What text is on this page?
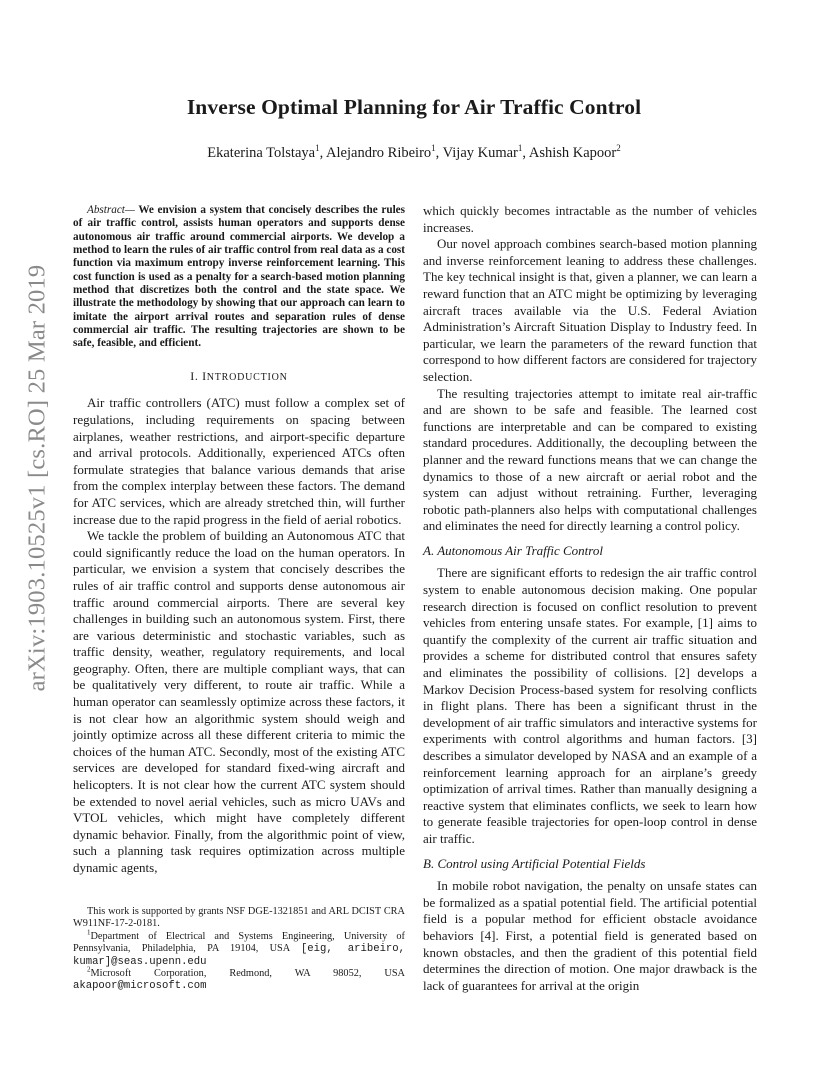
arXiv:1903.10525v1 [cs.RO] 25 Mar 2019
Inverse Optimal Planning for Air Traffic Control
Ekaterina Tolstaya$^1$, Alejandro Ribeiro$^1$, Vijay Kumar$^1$, Ashish Kapoor$^2$

Abstract— We envision a system that concisely describes the rules of air traffic control, assists human operators and supports dense autonomous air traffic around commercial airports. We develop a method to learn the rules of air traffic control from real data as a cost function via maximum entropy inverse reinforcement learning. This cost function is used as a penalty for a search-based motion planning method that discretizes both the control and the state space. We illustrate the methodology by showing that our approach can learn to imitate the airport arrival routes and separation rules of dense commercial air traffic. The resulting trajectories are shown to be safe, feasible, and efficient.

I. INTRODUCTION

Air traffic controllers (ATC) must follow a complex set of regulations, including requirements on spacing between airplanes, weather restrictions, and airport-specific departure and arrival protocols. Additionally, experienced ATCs often formulate strategies that balance various demands that arise from the complex interplay between these factors. The demand for ATC services, which are already stretched thin, will further increase due to the rapid progress in the field of aerial robotics.

We tackle the problem of building an Autonomous ATC that could significantly reduce the load on the human operators. In particular, we envision a system that concisely describes the rules of air traffic control and supports dense autonomous air traffic around commercial airports. There are several key challenges in building such an autonomous system. First, there are various deterministic and stochastic variables, such as traffic density, weather, regulatory requirements, and local geography. Often, there are multiple compliant ways, that can be qualitatively very different, to route air traffic. While a human operator can seamlessly optimize across these factors, it is not clear how an algorithmic system should weigh and jointly optimize across all these different criteria to mimic the choices of the human ATC. Secondly, most of the existing ATC services are developed for standard fixed-wing aircraft and helicopters. It is not clear how the current ATC system should be extended to novel aerial vehicles, such as micro UAVs and VTOL vehicles, which might have completely different dynamic behavior. Finally, from the algorithmic point of view, such a planning task requires optimization across multiple dynamic agents,

This work is supported by grants NSF DGE-1321851 and ARL DCIST CRA W911NF-17-2-0181.

$^1$Department of Electrical and Systems Engineering, University of Pennsylvania, Philadelphia, PA 19104, USA [eig, aribeiro, kumar]@seas.upenn.edu

$^2$Microsoft Corporation, Redmond, WA 98052, USA

akapoor@microsoft.com

which quickly becomes intractable as the number of vehicles increases.

Our novel approach combines search-based motion planning and inverse reinforcement leaning to address these challenges. The key technical insight is that, given a planner, we can learn a reward function that an ATC might be optimizing by leveraging aircraft traces available via the U.S. Federal Aviation Administration’s Aircraft Situation Display to Industry feed. In particular, we learn the parameters of the reward function that correspond to how different factors are considered for trajectory selection.

The resulting trajectories attempt to imitate real air-traffic and are shown to be safe and feasible. The learned cost functions are interpretable and can be compared to existing standard procedures. Additionally, the decoupling between the planner and the reward functions means that we can change the dynamics to those of a new aircraft or aerial robot and the system can adjust without retraining. Further, leveraging robotic path-planners also helps with computational challenges and eliminates the need for directly learning a control policy.

A. Autonomous Air Traffic Control

There are significant efforts to redesign the air traffic control system to enable autonomous decision making. One popular research direction is focused on conflict resolution to prevent vehicles from entering unsafe states. For example, [1] aims to quantify the complexity of the current air traffic situation and provides a scheme for distributed control that ensures safety and eliminates the possibility of collisions. [2] develops a Markov Decision Process-based system for resolving conflicts in flight plans. There has been a significant thrust in the development of air traffic simulators and interactive systems for experiments with control algorithms and human factors. [3] describes a simulator developed by NASA and an example of a reinforcement learning approach for an airplane’s greedy optimization of arrival times. Rather than manually designing a reactive system that eliminates conflicts, we seek to learn how to generate feasible trajectories for open-loop control in dense air traffic.

B. Control using Artificial Potential Fields

In mobile robot navigation, the penalty on unsafe states can be formalized as a spatial potential field. The artificial potential field is a popular method for efficient obstacle avoidance behaviors [4]. First, a potential field is generated based on known obstacles, and then the gradient of this potential field determines the direction of motion. One major drawback is the lack of guarantees for arrival at the origin
